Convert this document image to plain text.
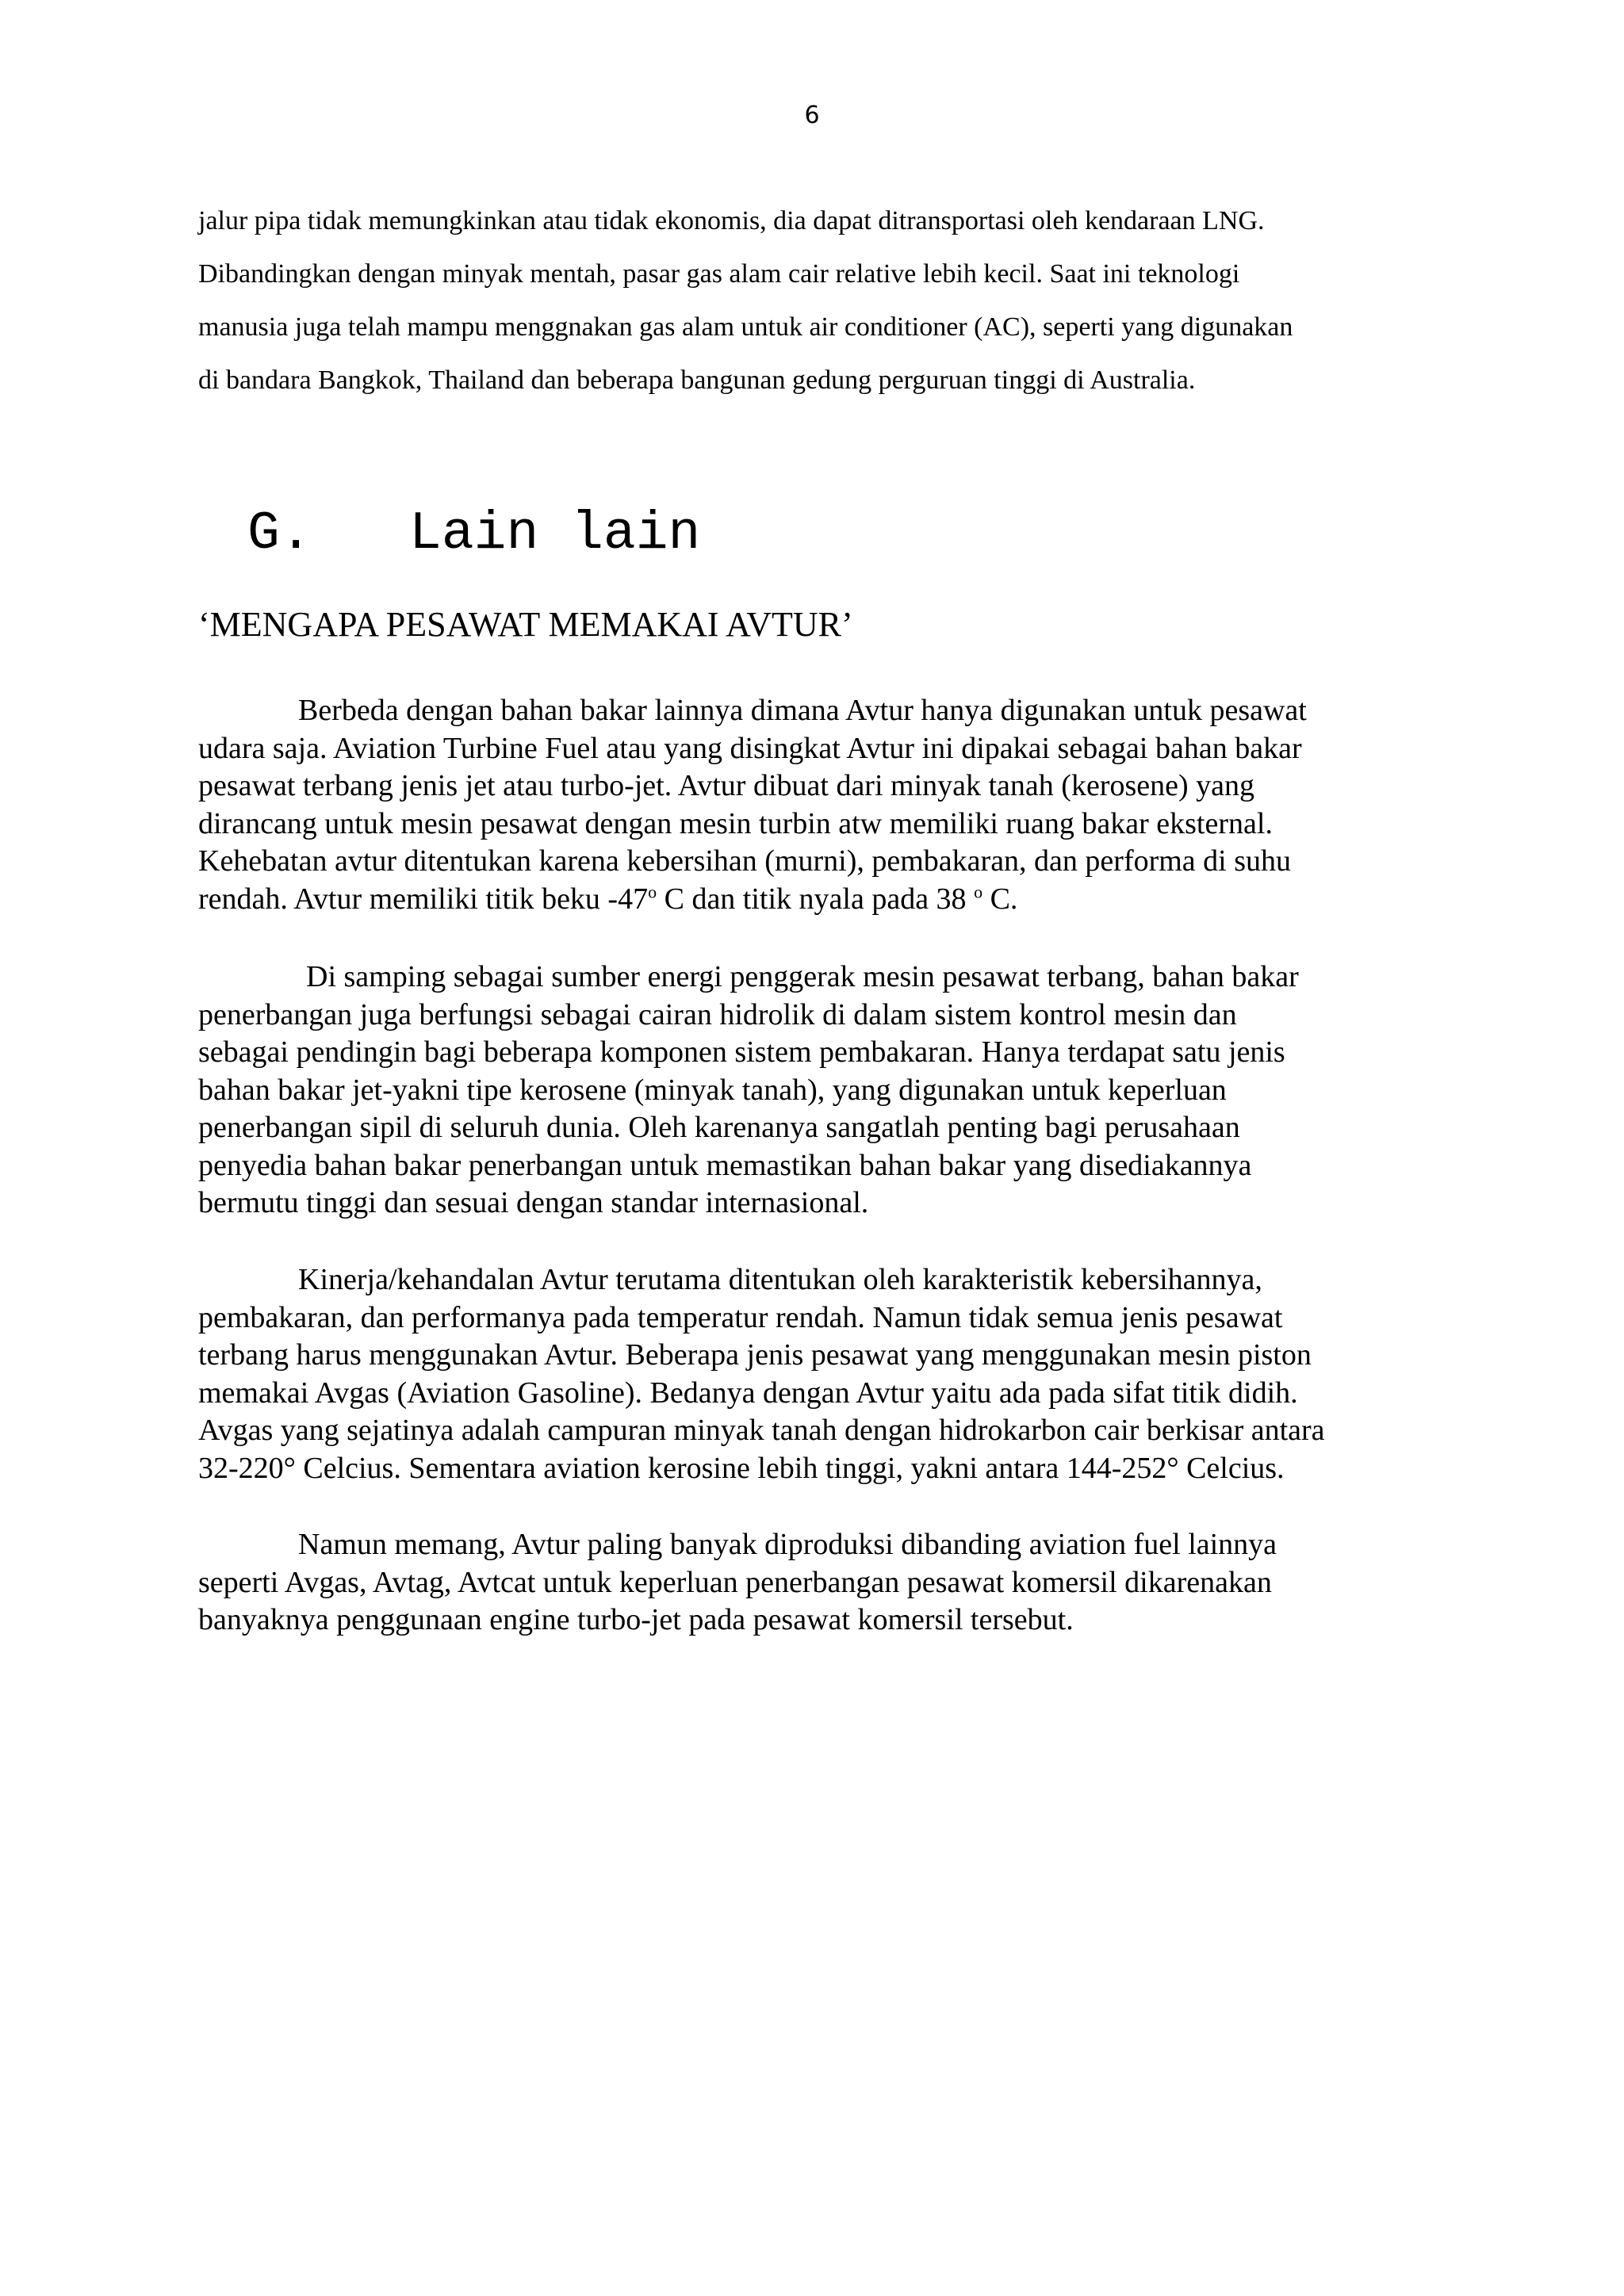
6

jalur pipa tidak memungkinkan atau tidak ekonomis, dia dapat ditransportasi oleh kendaraan LNG.

Dibandingkan dengan minyak mentah, pasar gas alam cair relative lebih kecil. Saat ini teknologi

manusia juga telah mampu menggnakan gas alam untuk air conditioner (AC), seperti yang digunakan

di bandara Bangkok, Thailand dan beberapa bangunan gedung perguruan tinggi di Australia.

G. Lain lain
‘MENGAPA PESAWAT MEMAKAI AVTUR’
Berbeda dengan bahan bakar lainnya dimana Avtur hanya digunakan untuk pesawat
udara saja. Aviation Turbine Fuel atau yang disingkat Avtur ini dipakai sebagai bahan bakar
pesawat terbang jenis jet atau turbo-jet. Avtur dibuat dari minyak tanah (kerosene) yang
dirancang untuk mesin pesawat dengan mesin turbin atw memiliki ruang bakar eksternal.
Kehebatan avtur ditentukan karena kebersihan (murni), pembakaran, dan performa di suhu
rendah. Avtur memiliki titik beku -47$^o$ C dan titik nyala pada 38 $^o$ C.
Di samping sebagai sumber energi penggerak mesin pesawat terbang, bahan bakar
penerbangan juga berfungsi sebagai cairan hidrolik di dalam sistem kontrol mesin dan
sebagai pendingin bagi beberapa komponen sistem pembakaran. Hanya terdapat satu jenis
bahan bakar jet-yakni tipe kerosene (minyak tanah), yang digunakan untuk keperluan
penerbangan sipil di seluruh dunia. Oleh karenanya sangatlah penting bagi perusahaan
penyedia bahan bakar penerbangan untuk memastikan bahan bakar yang disediakannya
bermutu tinggi dan sesuai dengan standar internasional.
Kinerja/kehandalan Avtur terutama ditentukan oleh karakteristik kebersihannya,
pembakaran, dan performanya pada temperatur rendah. Namun tidak semua jenis pesawat
terbang harus menggunakan Avtur. Beberapa jenis pesawat yang menggunakan mesin piston
memakai Avgas (Aviation Gasoline). Bedanya dengan Avtur yaitu ada pada sifat titik didih.
Avgas yang sejatinya adalah campuran minyak tanah dengan hidrokarbon cair berkisar antara
32-220° Celcius. Sementara aviation kerosine lebih tinggi, yakni antara 144-252° Celcius.
Namun memang, Avtur paling banyak diproduksi dibanding aviation fuel lainnya
seperti Avgas, Avtag, Avtcat untuk keperluan penerbangan pesawat komersil dikarenakan
banyaknya penggunaan engine turbo-jet pada pesawat komersil tersebut.
